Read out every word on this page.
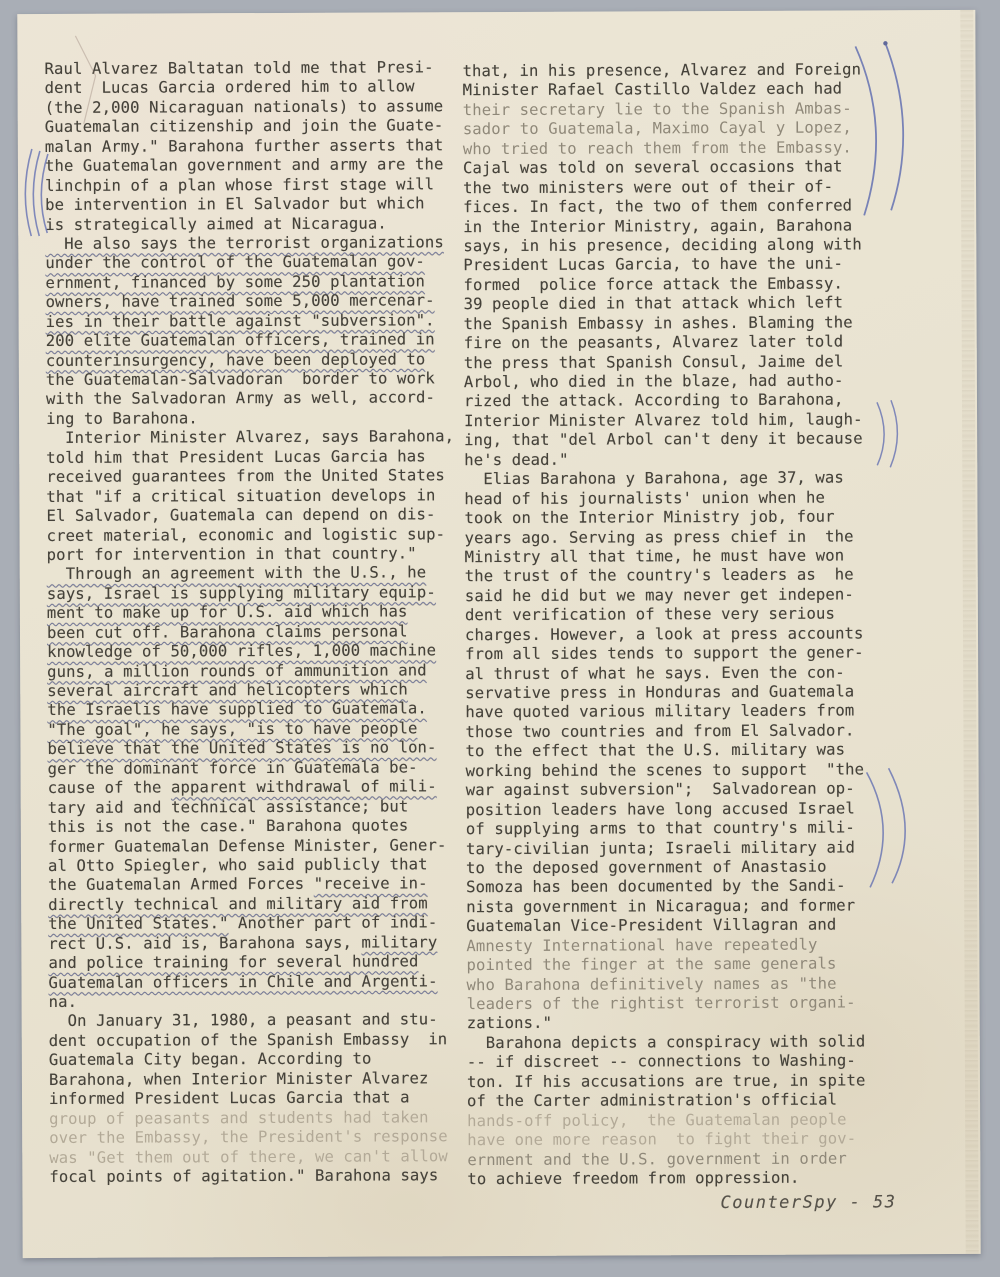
Raul Alvarez Baltatan told me that Presi-
dent  Lucas Garcia ordered him to allow
(the 2,000 Nicaraguan nationals) to assume
Guatemalan citizenship and join the Guate-
malan Army." Barahona further asserts that
the Guatemalan government and army are the
linchpin of a plan whose first stage will
be intervention in El Salvador but which
is strategically aimed at Nicaragua.
He also says the terrorist organizations
under the control of the Guatemalan gov-
ernment, financed by some 250 plantation
owners, have trained some 5,000 mercenar-
ies in their battle against "subversion".
200 elite Guatemalan officers, trained in
counterinsurgency, have been deployed to
the Guatemalan-Salvadoran  border to work
with the Salvadoran Army as well, accord-
ing to Barahona.
Interior Minister Alvarez, says Barahona,
told him that President Lucas Garcia has
received guarantees from the United States
that "if a critical situation develops in
El Salvador, Guatemala can depend on dis-
creet material, economic and logistic sup-
port for intervention in that country."
Through an agreement with the U.S., he
says, Israel is supplying military equip-
ment to make up for U.S. aid which has
been cut off. Barahona claims personal
knowledge of 50,000 rifles, 1,000 machine
guns, a million rounds of ammunition and
several aircraft and helicopters which
the Israelis have supplied to Guatemala.
"The goal", he says, "is to have people
believe that the United States is no lon-
ger the dominant force in Guatemala be-
cause of the apparent withdrawal of mili-
tary aid and technical assistance; but
this is not the case." Barahona quotes
former Guatemalan Defense Minister, Gener-
al Otto Spiegler, who said publicly that
the Guatemalan Armed Forces "receive in-
directly technical and military aid from
the United States." Another part of indi-
rect U.S. aid is, Barahona says, military
and police training for several hundred
Guatemalan officers in Chile and Argenti-
na.
On January 31, 1980, a peasant and stu-
dent occupation of the Spanish Embassy  in
Guatemala City began. According to
Barahona, when Interior Minister Alvarez
informed President Lucas Garcia that a
group of peasants and students had taken
over the Embassy, the President's response
was "Get them out of there, we can't allow
focal points of agitation." Barahona says
that, in his presence, Alvarez and Foreign
Minister Rafael Castillo Valdez each had
their secretary lie to the Spanish Ambas-
sador to Guatemala, Maximo Cayal y Lopez,
who tried to reach them from the Embassy.
Cajal was told on several occasions that
the two ministers were out of their of-
fices. In fact, the two of them conferred
in the Interior Ministry, again, Barahona
says, in his presence, deciding along with
President Lucas Garcia, to have the uni-
formed  police force attack the Embassy.
39 people died in that attack which left
the Spanish Embassy in ashes. Blaming the
fire on the peasants, Alvarez later told
the press that Spanish Consul, Jaime del
Arbol, who died in the blaze, had autho-
rized the attack. According to Barahona,
Interior Minister Alvarez told him, laugh-
ing, that "del Arbol can't deny it because
he's dead."
Elias Barahona y Barahona, age 37, was
head of his journalists' union when he
took on the Interior Ministry job, four
years ago. Serving as press chief in  the
Ministry all that time, he must have won
the trust of the country's leaders as  he
said he did but we may never get indepen-
dent verification of these very serious
charges. However, a look at press accounts
from all sides tends to support the gener-
al thrust of what he says. Even the con-
servative press in Honduras and Guatemala
have quoted various military leaders from
those two countries and from El Salvador.
to the effect that the U.S. military was
working behind the scenes to support  "the
war against subversion";  Salvadorean op-
position leaders have long accused Israel
of supplying arms to that country's mili-
tary-civilian junta; Israeli military aid
to the deposed government of Anastasio
Somoza has been documented by the Sandi-
nista government in Nicaragua; and former
Guatemalan Vice-President Villagran and
Amnesty International have repeatedly
pointed the finger at the same generals
who Barahona definitively names as "the
leaders of the rightist terrorist organi-
zations."
Barahona depicts a conspiracy with solid
-- if discreet -- connections to Washing-
ton. If his accusations are true, in spite
of the Carter administration's official
hands-off policy,  the Guatemalan people
have one more reason  to fight their gov-
ernment and the U.S. government in order
to achieve freedom from oppression.
CounterSpy - 53
